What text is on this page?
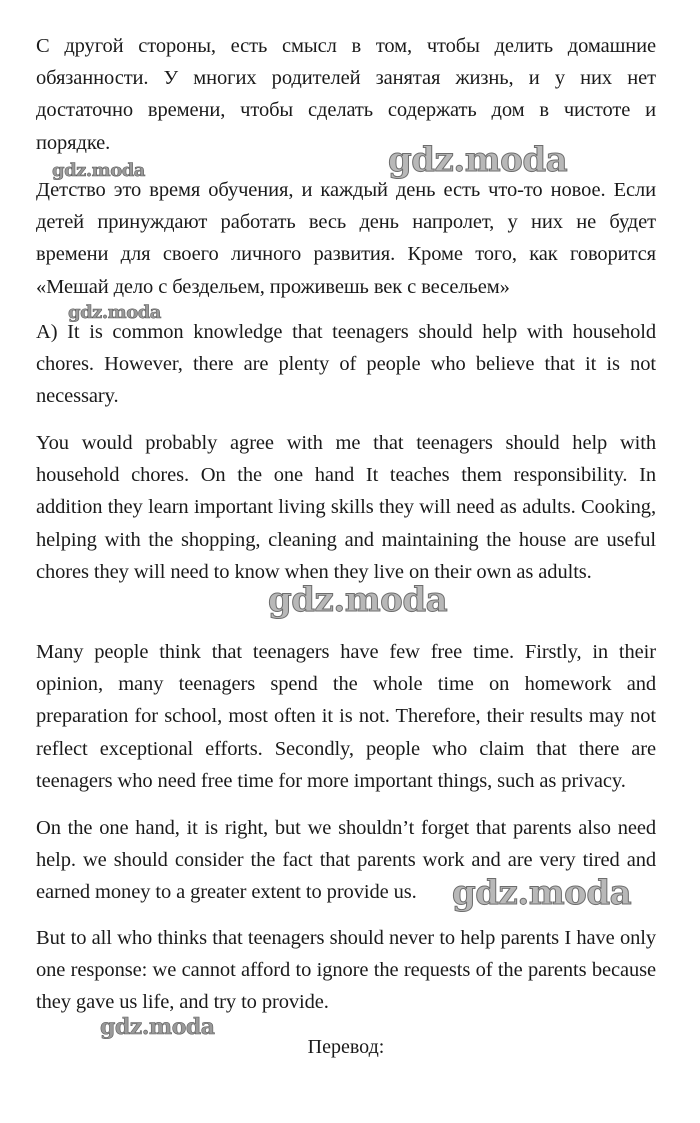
С другой стороны, есть смысл в том, чтобы делить домашние обязанности. У многих родителей занятая жизнь, и у них нет достаточно времени, чтобы сделать содержать дом в чистоте и порядке.

Детство это время обучения, и каждый день есть что-то новое. Если детей принуждают работать весь день напролет, у них не будет времени для своего личного развития. Кроме того, как говорится «Мешай дело с бездельем, проживешь век с весельем»

A) It is common knowledge that teenagers should help with household chores. However, there are plenty of people who believe that it is not necessary.

You would probably agree with me that teenagers should help with household chores. On the one hand It teaches them responsibility. In addition they learn important living skills they will need as adults. Cooking, helping with the shopping, cleaning and maintaining the house are useful chores they will need to know when they live on their own as adults.

Many people think that teenagers have few free time. Firstly, in their opinion, many teenagers spend the whole time on homework and preparation for school, most often it is not. Therefore, their results may not reflect exceptional efforts. Secondly, people who claim that there are teenagers who need free time for more important things, such as privacy.

On the one hand, it is right, but we shouldn’t forget that parents also need help. we should consider the fact that parents work and are very tired and earned money to a greater extent to provide us.

But to all who thinks that teenagers should never to help parents I have only one response: we cannot afford to ignore the requests of the parents because they gave us life, and try to provide.

Перевод:
gdz.moda	gdz.moda
gdz.moda
gdz.moda
gdz.moda
gdz.moda
